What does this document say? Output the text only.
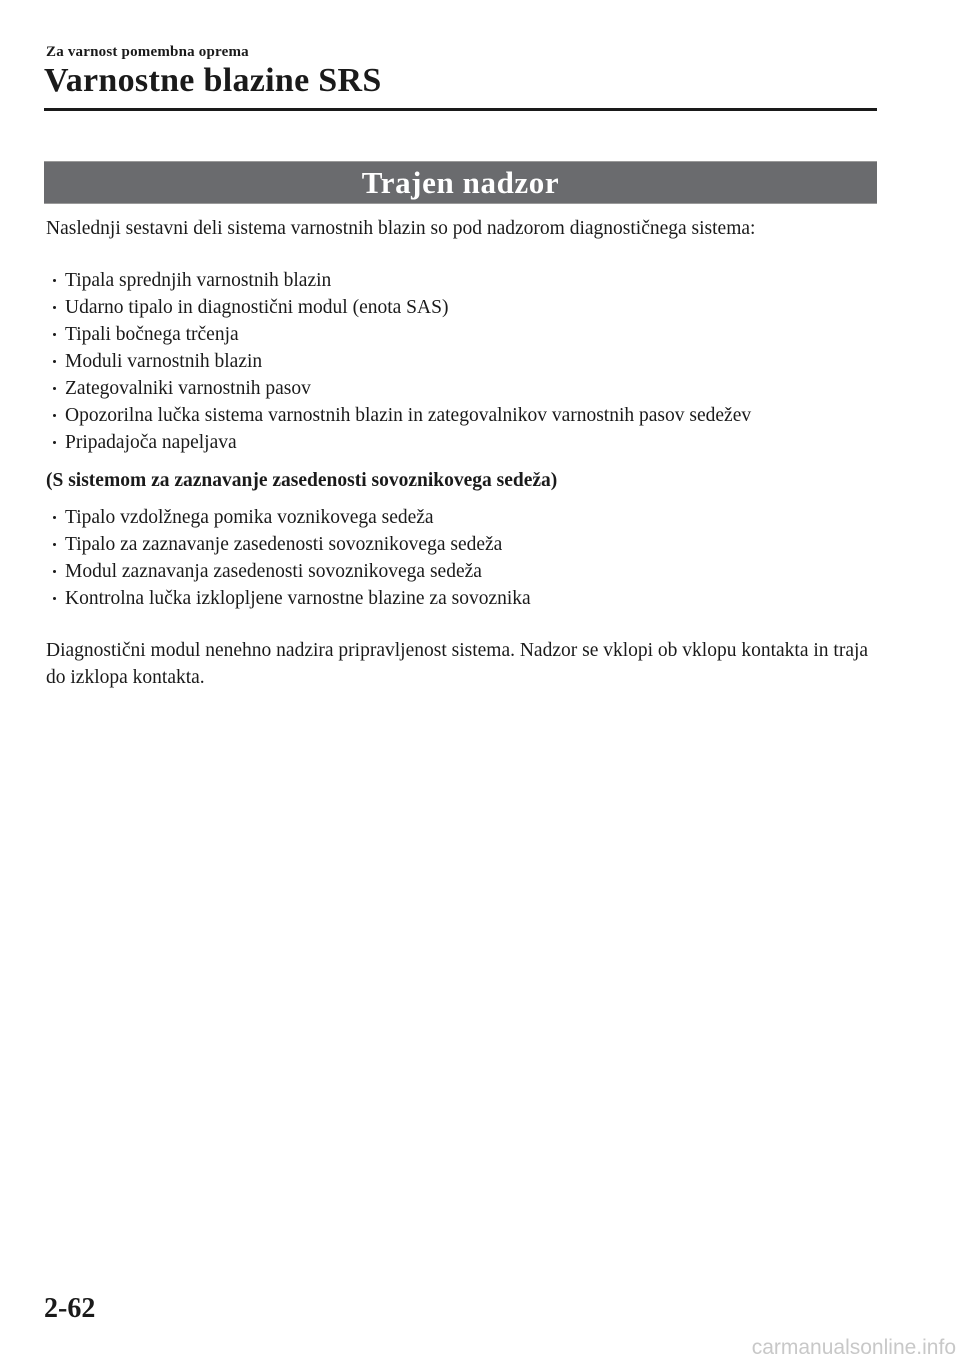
Za varnost pomembna oprema
Varnostne blazine SRS
Trajen nadzor

Naslednji sestavni deli sistema varnostnih blazin so pod nadzorom diagnostičnega sistema:

Tipala sprednjih varnostnih blazin
Udarno tipalo in diagnostični modul (enota SAS)
Tipali bočnega trčenja
Moduli varnostnih blazin
Zategovalniki varnostnih pasov
Opozorilna lučka sistema varnostnih blazin in zategovalnikov varnostnih pasov sedežev
Pripadajoča napeljava
(S sistemom za zaznavanje zasedenosti sovoznikovega sedeža)
Tipalo vzdolžnega pomika voznikovega sedeža
Tipalo za zaznavanje zasedenosti sovoznikovega sedeža
Modul zaznavanja zasedenosti sovoznikovega sedeža
Kontrolna lučka izklopljene varnostne blazine za sovoznika

Diagnostični modul nenehno nadzira pripravljenost sistema. Nadzor se vklopi ob vklopu kontakta in traja do izklopa kontakta.

2-62
carmanualsonline.info
